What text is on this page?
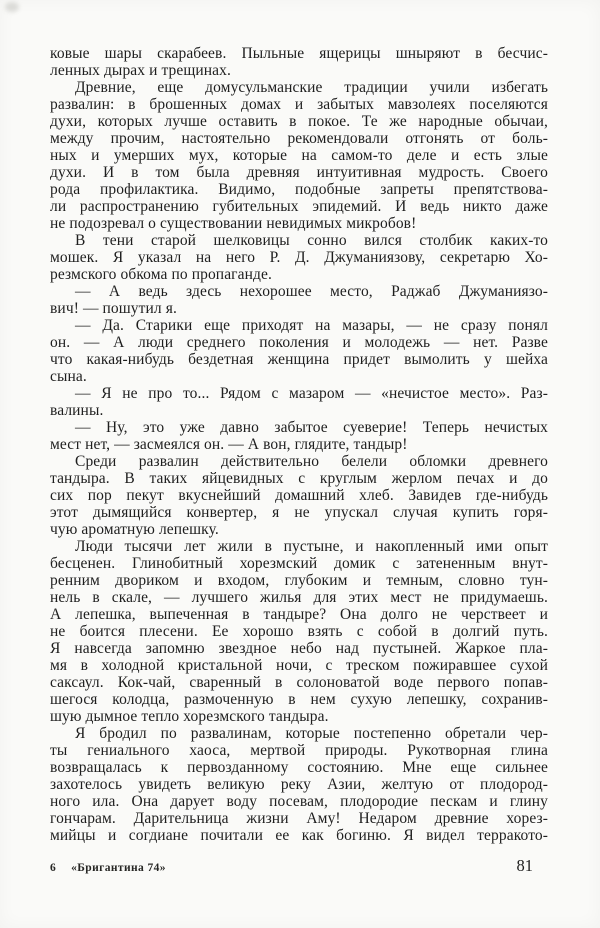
ковые шары скарабеев. Пыльные ящерицы шныряют в бесчис-
ленных дырах и трещинах.
Древние, еще домусульманские традиции учили избегать
развалин: в брошенных домах и забытых мавзолеях поселяются
духи, которых лучше оставить в покое. Те же народные обычаи,
между прочим, настоятельно рекомендовали отгонять от боль-
ных и умерших мух, которые на самом-то деле и есть злые
духи. И в том была древняя интуитивная мудрость. Своего
рода профилактика. Видимо, подобные запреты препятствова-
ли распространению губительных эпидемий. И ведь никто даже
не подозревал о существовании невидимых микробов!
В тени старой шелковицы сонно вился столбик каких-то
мошек. Я указал на него Р. Д. Джуманиязову, секретарю Хо-
резмского обкома по пропаганде.
— А ведь здесь нехорошее место, Раджаб Джуманиязо-
вич! — пошутил я.
— Да. Старики еще приходят на мазары, — не сразу понял
он. — А люди среднего поколения и молодежь — нет. Разве
что какая-нибудь бездетная женщина придет вымолить у шейха
сына.
— Я не про то... Рядом с мазаром — «нечистое место». Раз-
валины.
— Ну, это уже давно забытое суеверие! Теперь нечистых
мест нет, — засмеялся он. — А вон, глядите, тандыр!
Среди развалин действительно белели обломки древнего
тандыра. В таких яйцевидных с круглым жерлом печах и до
сих пор пекут вкуснейший домашний хлеб. Завидев где-нибудь
этот дымящийся конвертер, я не упускал случая купить горя-
чую ароматную лепешку.
Люди тысячи лет жили в пустыне, и накопленный ими опыт
бесценен. Глинобитный хорезмский домик с затененным внут-
ренним двориком и входом, глубоким и темным, словно тун-
нель в скале, — лучшего жилья для этих мест не придумаешь.
А лепешка, выпеченная в тандыре? Она долго не черствеет и
не боится плесени. Ее хорошо взять с собой в долгий путь.
Я навсегда запомню звездное небо над пустыней. Жаркое пла-
мя в холодной кристальной ночи, с треском пожиравшее сухой
саксаул. Кок-чай, сваренный в солоноватой воде первого попав-
шегося колодца, размоченную в нем сухую лепешку, сохранив-
шую дымное тепло хорезмского тандыра.
Я бродил по развалинам, которые постепенно обретали чер-
ты гениального хаоса, мертвой природы. Рукотворная глина
возвращалась к первозданному состоянию. Мне еще сильнее
захотелось увидеть великую реку Азии, желтую от плодород-
ного ила. Она дарует воду посевам, плодородие пескам и глину
гончарам. Дарительница жизни Аму! Недаром древние хорез-
мийцы и согдиане почитали ее как богиню. Я видел терракото-
6 «Бригантина 74»	81
